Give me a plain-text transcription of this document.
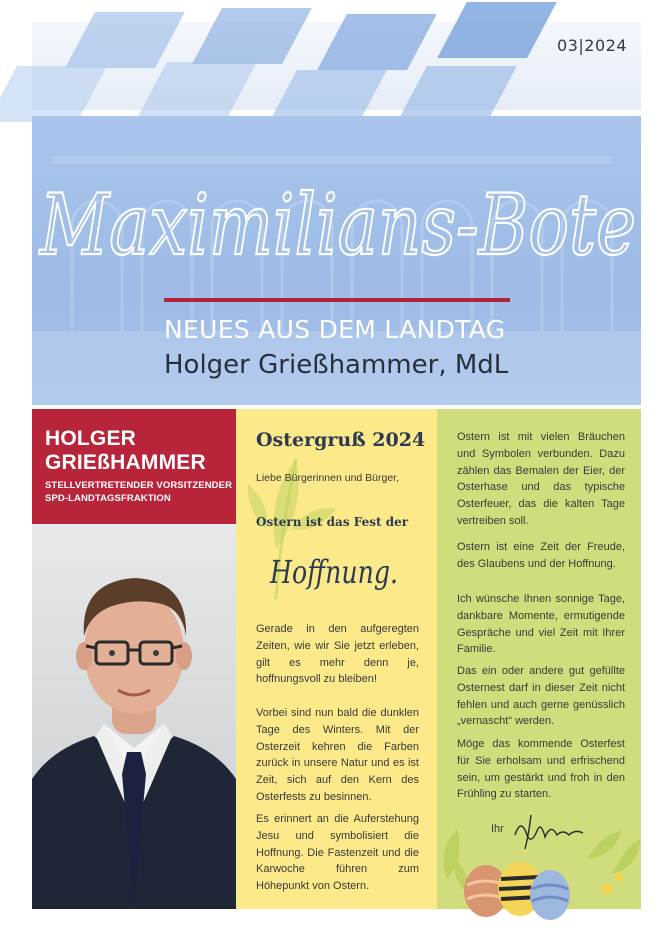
03|2024
Maximilians-Bote
NEUES AUS DEM LANDTAG
Holger Grießhammer, MdL
HOLGER
GRIEßHAMMER
STELLVERTRETENDER VORSITZENDER
SPD-LANDTAGSFRAKTION
Ostergruß 2024
Liebe Bürgerinnen und Bürger,
Ostern ist das Fest der
Hoffnung.

Gerade in den aufgeregten Zeiten, wie wir Sie jetzt erleben, gilt es mehr denn je, hoffnungsvoll zu bleiben!

Vorbei sind nun bald die dunklen Tage des Winters. Mit der Osterzeit kehren die Farben zurück in unsere Natur und es ist Zeit, sich auf den Kern des Osterfests zu besinnen.

Es erinnert an die Auferstehung Jesu und symbolisiert die Hoffnung. Die Fastenzeit und die Karwoche führen zum Höhepunkt von Ostern.

Ostern ist mit vielen Bräuchen und Symbolen verbunden. Dazu zählen das Bemalen der Eier, der Osterhase und das typische Osterfeuer, das die kalten Tage vertreiben soll.

Ostern ist eine Zeit der Freude, des Glaubens und der Hoffnung.

Ich wünsche Ihnen sonnige Tage, dankbare Momente, ermutigende Gespräche und viel Zeit mit Ihrer Familie.

Das ein oder andere gut gefüllte Osternest darf in dieser Zeit nicht fehlen und auch gerne genüsslich „vernascht“ werden.

Möge das kommende Osterfest für Sie erholsam und erfrischend sein, um gestärkt und froh in den Frühling zu starten.

Ihr
